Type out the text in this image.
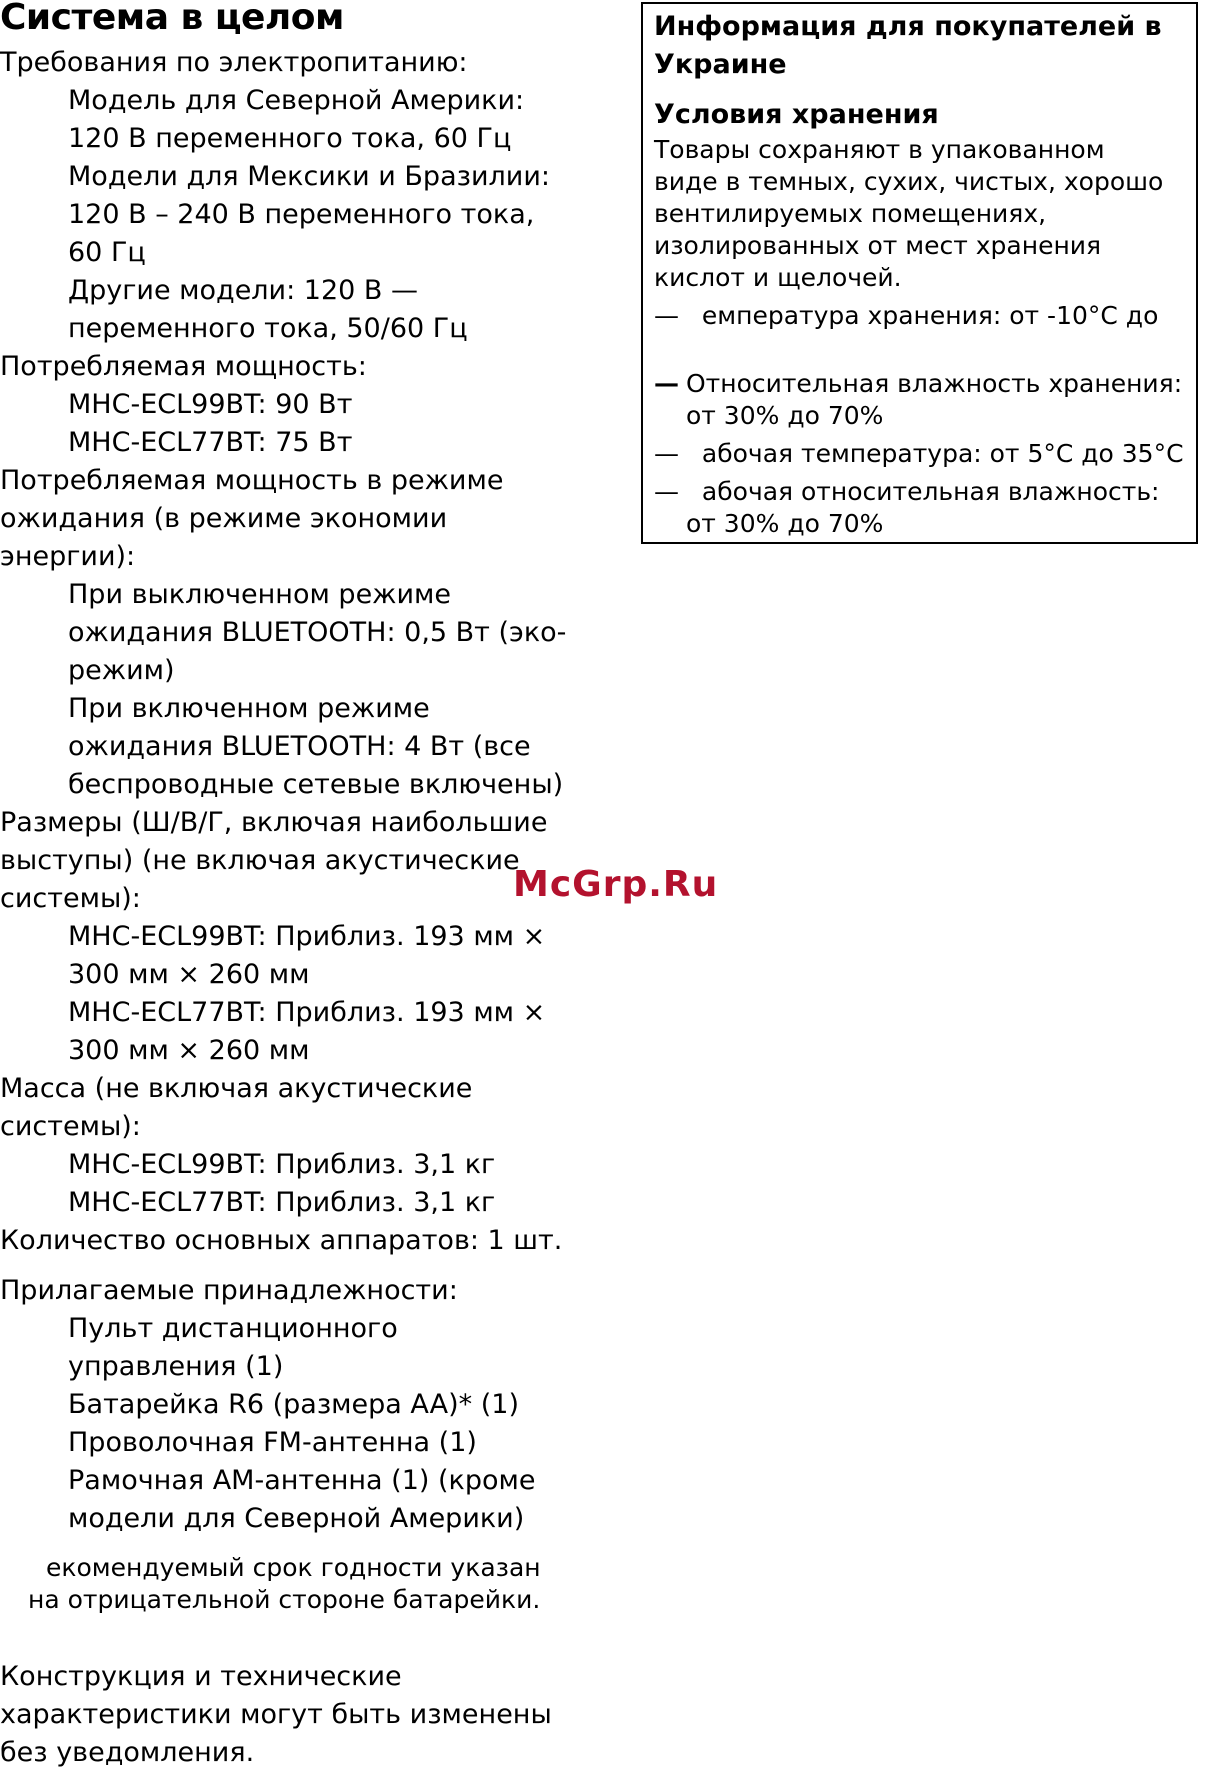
Система в целом
Требования по электропитанию:
Модель для Северной Америки:
120 В переменного тока, 60 Гц
Модели для Мексики и Бразилии:
120 В – 240 В переменного тока,
60 Гц
Другие модели: 120 В —
переменного тока, 50/60 Гц
Потребляемая мощность:
MHC-ECL99BT: 90 Вт
MHC-ECL77BT: 75 Вт
Потребляемая мощность в режиме
ожидания (в режиме экономии
энергии):
При выключенном режиме
ожидания BLUETOOTH: 0,5 Вт (эко-
режим)
При включенном режиме
ожидания BLUETOOTH: 4 Вт (все
беспроводные сетевые включены)
Размеры (Ш/В/Г, включая наибольшие
выступы) (не включая акустические
системы):
MHC-ECL99BT: Приблиз. 193 мм ×
300 мм × 260 мм
MHC-ECL77BT: Приблиз. 193 мм ×
300 мм × 260 мм
Масса (не включая акустические
системы):
MHC-ECL99BT: Приблиз. 3,1 кг
MHC-ECL77BT: Приблиз. 3,1 кг
Количество основных аппаратов: 1 шт.
Прилагаемые принадлежности:
Пульт дистанционного
управления (1)
Батарейка R6 (размера AA)* (1)
Проволочная FM-антенна (1)
Рамочная AM-антенна (1) (кроме
модели для Северной Америки)
екомендуемый срок годности указан
на отрицательной стороне батарейки.
Конструкция и технические
характеристики могут быть изменены
без уведомления.
Информация для покупателей в
Украине
Условия хранения
Товары сохраняют в упакованном
виде в темных, сухих, чистых, хорошо
вентилируемых помещениях,
изолированных от мест хранения
кислот и щелочей.
— емпература хранения: от -10°C до
— Относительная влажность хранения: от 30% до 70%
— абочая температура: от 5°C до 35°C
— абочая относительная влажность: от 30% до 70%
McGrp.Ru
